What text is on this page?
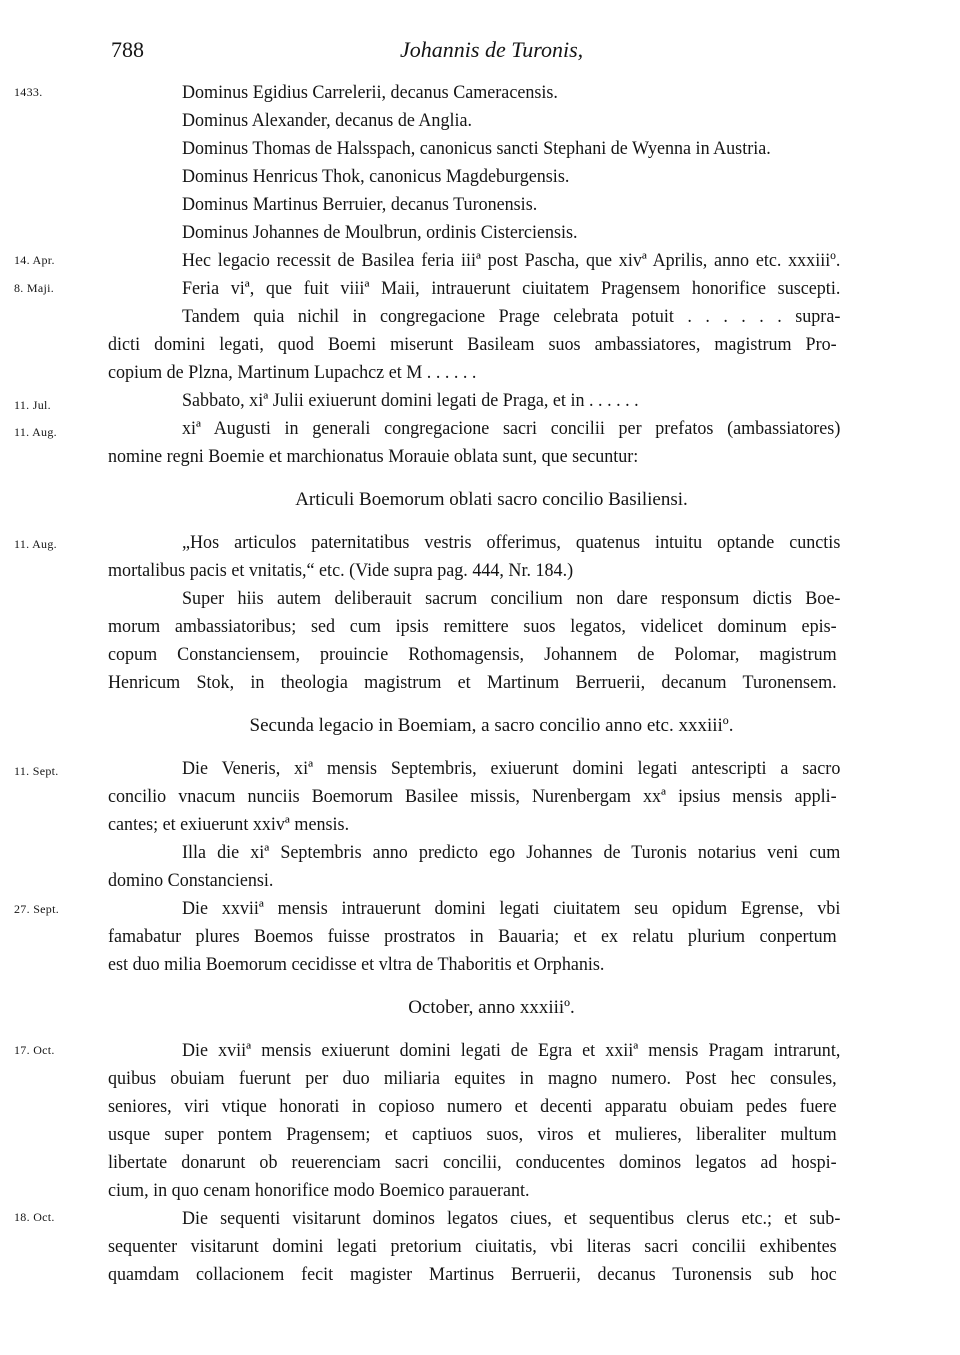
788	Johannis de Turonis,
1433.
14. Apr.
8. Maji.
11. Jul.
11. Aug.
11. Aug.
11. Sept.
27. Sept.
17. Oct.
18. Oct.
Dominus Egidius Carrelerii, decanus Cameracensis.
Dominus Alexander, decanus de Anglia.
Dominus Thomas de Halsspach, canonicus sancti Stephani de Wyenna in Austria.
Dominus Henricus Thok, canonicus Magdeburgensis.
Dominus Martinus Berruier, decanus Turonensis.
Dominus Johannes de Moulbrun, ordinis Cisterciensis.
Hec legacio recessit de Basilea feria iiiª post Pascha, que xivª Aprilis, anno etc. xxxiiiº.
Feria viª, que fuit viiiª Maii, intrauerunt ciuitatem Pragensem honorifice suscepti.
Tandem quia nichil in congregacione Prage celebrata potuit . . . . . . supra-
dicti domini legati, quod Boemi miserunt Basileam suos ambassiatores, magistrum Pro-
copium de Plzna, Martinum Lupachcz et M . . . . . .
Sabbato, xiª Julii exiuerunt domini legati de Praga, et in . . . . . .
xiª Augusti in generali congregacione sacri concilii per prefatos (ambassiatores)
nomine regni Boemie et marchionatus Morauie oblata sunt, que secuntur:
Articuli Boemorum oblati sacro concilio Basiliensi.
„Hos articulos paternitatibus vestris offerimus, quatenus intuitu optande cunctis
mortalibus pacis et vnitatis,“ etc. (Vide supra pag. 444, Nr. 184.)
Super hiis autem deliberauit sacrum concilium non dare responsum dictis Boe-
morum ambassiatoribus; sed cum ipsis remittere suos legatos, videlicet dominum epis-
copum Constanciensem, prouincie Rothomagensis, Johannem de Polomar, magistrum
Henricum Stok, in theologia magistrum et Martinum Berruerii, decanum Turonensem.
Secunda legacio in Boemiam, a sacro concilio anno etc. xxxiiiº.
Die Veneris, xiª mensis Septembris, exiuerunt domini legati antescripti a sacro
concilio vnacum nunciis Boemorum Basilee missis, Nurenbergam xxª ipsius mensis appli-
cantes; et exiuerunt xxivª mensis.
Illa die xiª Septembris anno predicto ego Johannes de Turonis notarius veni cum
domino Constanciensi.
Die xxviiª mensis intrauerunt domini legati ciuitatem seu opidum Egrense, vbi
famabatur plures Boemos fuisse prostratos in Bauaria; et ex relatu plurium conpertum
est duo milia Boemorum cecidisse et vltra de Thaboritis et Orphanis.
October, anno xxxiiiº.
Die xviiª mensis exiuerunt domini legati de Egra et xxiiª mensis Pragam intrarunt,
quibus obuiam fuerunt per duo miliaria equites in magno numero. Post hec consules,
seniores, viri vtique honorati in copioso numero et decenti apparatu obuiam pedes fuere
usque super pontem Pragensem; et captiuos suos, viros et mulieres, liberaliter multum
libertate donarunt ob reuerenciam sacri concilii, conducentes dominos legatos ad hospi-
cium, in quo cenam honorifice modo Boemico parauerant.
Die sequenti visitarunt dominos legatos ciues, et sequentibus clerus etc.; et sub-
sequenter visitarunt domini legati pretorium ciuitatis, vbi literas sacri concilii exhibentes
quamdam collacionem fecit magister Martinus Berruerii, decanus Turonensis sub hoc
